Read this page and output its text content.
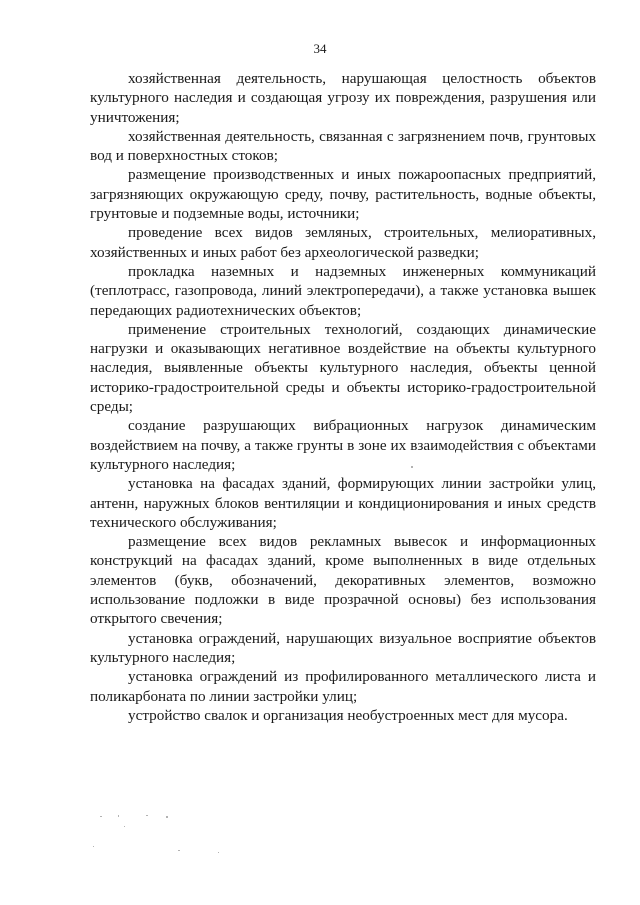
34

хозяйственная деятельность, нарушающая целостность объектов культурного наследия и создающая угрозу их повреждения, разрушения или уничтожения;

хозяйственная деятельность, связанная с загрязнением почв, грунтовых вод и поверхностных стоков;

размещение производственных и иных пожароопасных предприятий, загрязняющих окружающую среду, почву, растительность, водные объекты, грунтовые и подземные воды, источники;

проведение всех видов земляных, строительных, мелиоративных, хозяйственных и иных работ без археологической разведки;

прокладка наземных и надземных инженерных коммуникаций (теплотрасс, газопровода, линий электропередачи), а также установка вышек передающих радиотехнических объектов;

применение строительных технологий, создающих динамические нагрузки и оказывающих негативное воздействие на объекты культурного наследия, выявленные объекты культурного наследия, объекты ценной историко-градостроительной среды и объекты историко-градостроительной среды;

создание разрушающих вибрационных нагрузок динамическим воздействием на почву, а также грунты в зоне их взаимодействия с объектами культурного наследия;

установка на фасадах зданий, формирующих линии застройки улиц, антенн, наружных блоков вентиляции и кондиционирования и иных средств технического обслуживания;

размещение всех видов рекламных вывесок и информационных конструкций на фасадах зданий, кроме выполненных в виде отдельных элементов (букв, обозначений, декоративных элементов, возможно использование подложки в виде прозрачной основы) без использования открытого свечения;

установка ограждений, нарушающих визуальное восприятие объектов культурного наследия;

установка ограждений из профилированного металлического листа и поликарбоната по линии застройки улиц;

устройство свалок и организация необустроенных мест для мусора.
